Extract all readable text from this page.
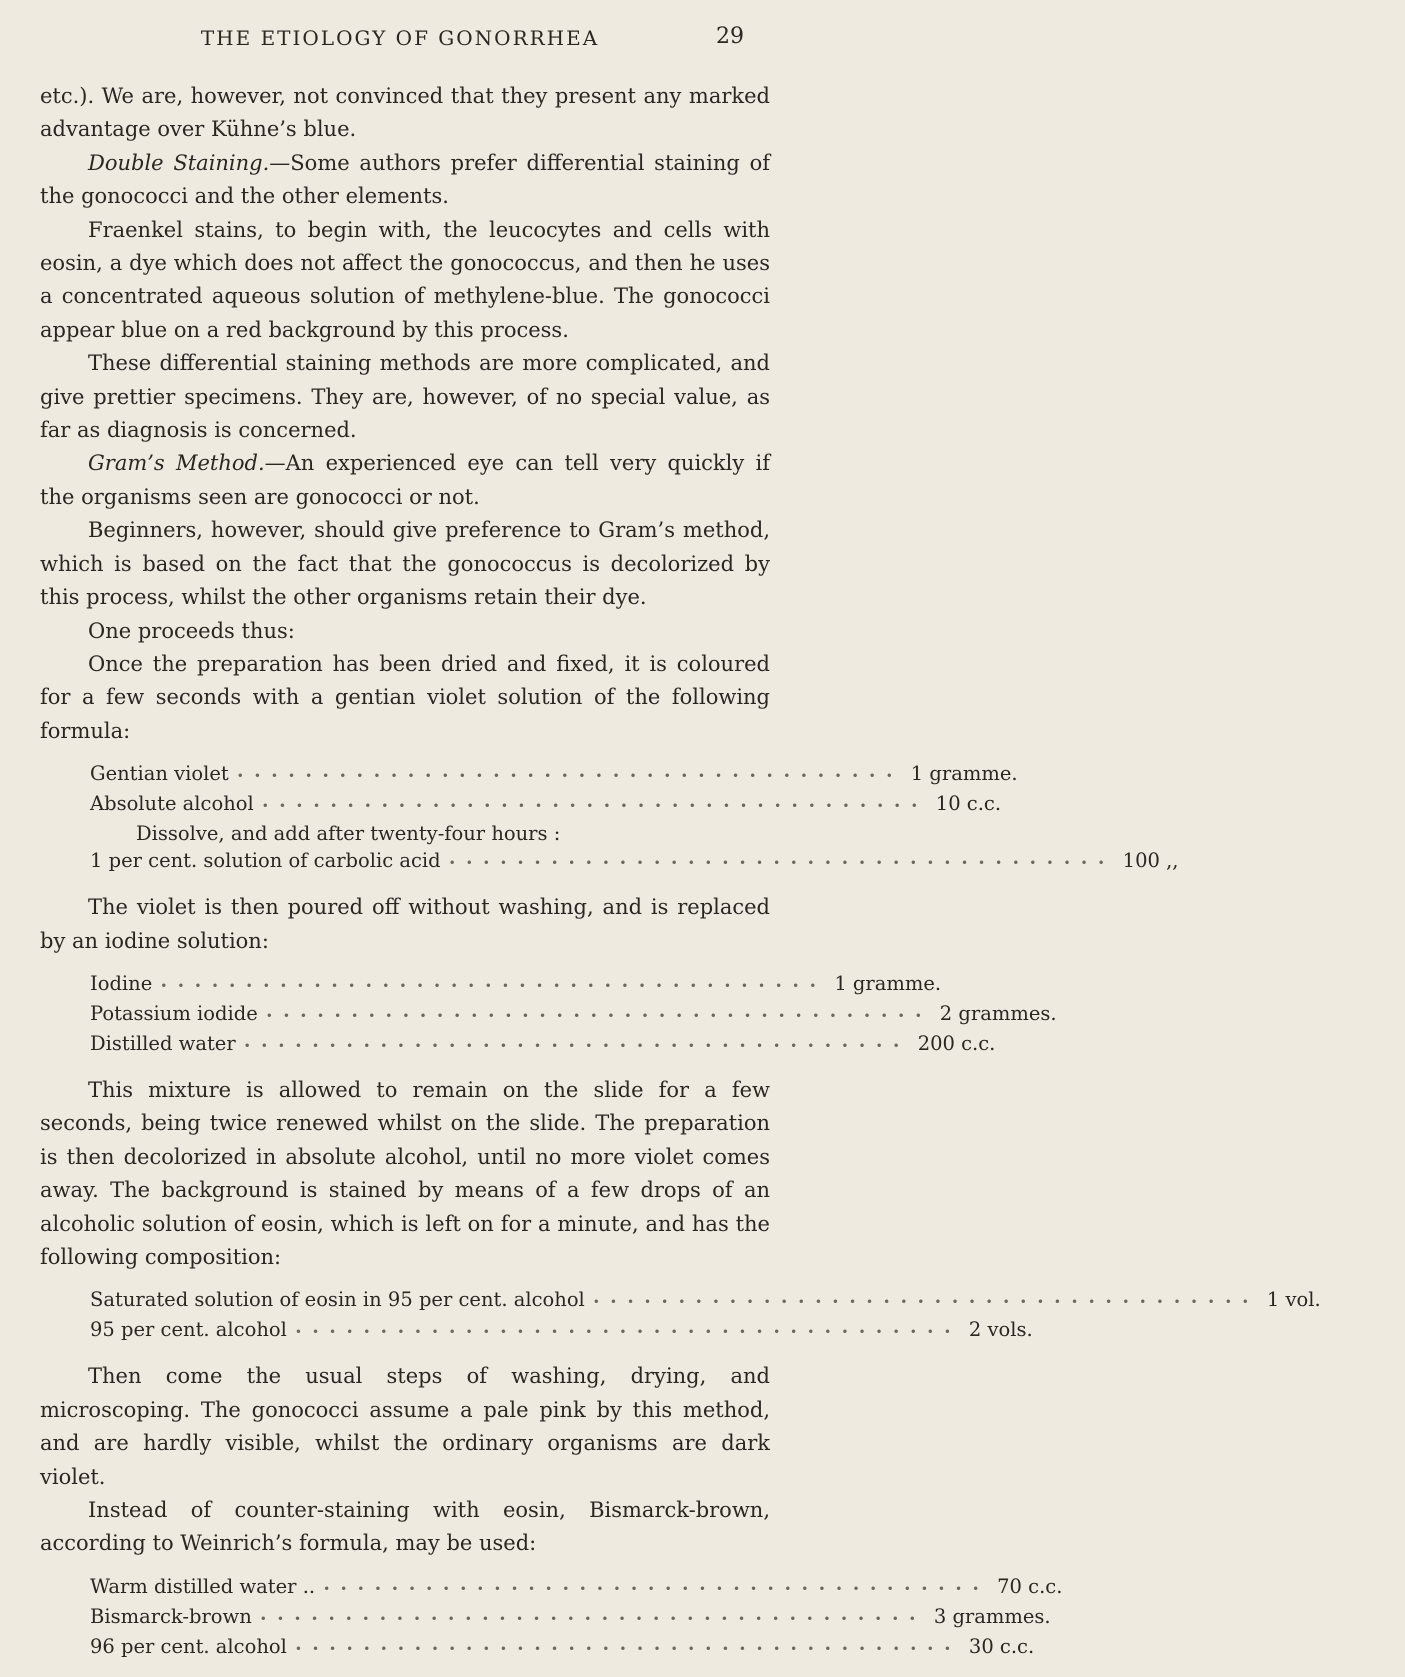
THE ETIOLOGY OF GONORRHEA	29

etc.). We are, however, not convinced that they present any marked advantage over Kühne’s blue.

Double Staining.—Some authors prefer differential staining of the gonococci and the other elements.

Fraenkel stains, to begin with, the leucocytes and cells with eosin, a dye which does not affect the gonococcus, and then he uses a concentrated aqueous solution of methylene-blue. The gonococci appear blue on a red background by this process.

These differential staining methods are more complicated, and give prettier specimens. They are, however, of no special value, as far as diagnosis is concerned.

Gram’s Method.—An experienced eye can tell very quickly if the organisms seen are gonococci or not.

Beginners, however, should give preference to Gram’s method, which is based on the fact that the gonococcus is decolorized by this process, whilst the other organisms retain their dye.

One proceeds thus:

Once the preparation has been dried and fixed, it is coloured for a few seconds with a gentian violet solution of the following formula:

Gentian violet ••••••••••••••••••••••••••••••••••••••• 1 gramme.
Absolute alcohol ••••••••••••••••••••••••••••••••••••••• 10 c.c.
Dissolve, and add after twenty-four hours :
1 per cent. solution of carbolic acid ••••••••••••••••••••••••••••••••••••••• 100 ,,

The violet is then poured off without washing, and is replaced by an iodine solution:

Iodine ••••••••••••••••••••••••••••••••••••••• 1 gramme.
Potassium iodide ••••••••••••••••••••••••••••••••••••••• 2 grammes.
Distilled water ••••••••••••••••••••••••••••••••••••••• 200 c.c.

This mixture is allowed to remain on the slide for a few seconds, being twice renewed whilst on the slide. The preparation is then decolorized in absolute alcohol, until no more violet comes away. The background is stained by means of a few drops of an alcoholic solution of eosin, which is left on for a minute, and has the following composition:

Saturated solution of eosin in 95 per cent. alcohol ••••••••••••••••••••••••••••••••••••••• 1 vol.
95 per cent. alcohol ••••••••••••••••••••••••••••••••••••••• 2 vols.

Then come the usual steps of washing, drying, and microscoping. The gonococci assume a pale pink by this method, and are hardly visible, whilst the ordinary organisms are dark violet.

Instead of counter-staining with eosin, Bismarck-brown, according to Weinrich’s formula, may be used:

Warm distilled water .. ••••••••••••••••••••••••••••••••••••••• 70 c.c.
Bismarck-brown ••••••••••••••••••••••••••••••••••••••• 3 grammes.
96 per cent. alcohol ••••••••••••••••••••••••••••••••••••••• 30 c.c.
